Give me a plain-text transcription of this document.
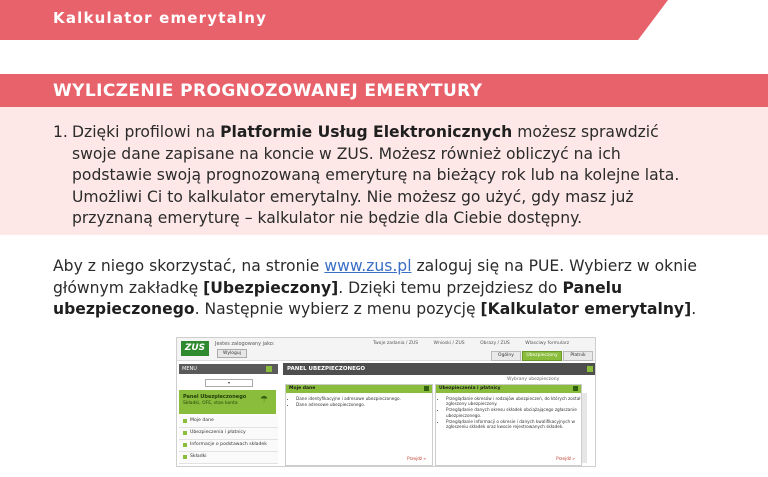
Kalkulator emerytalny
WYLICZENIE PROGNOZOWANEJ EMERYTURY
1. Dzięki profilowi na Platformie Usług Elektronicznych możesz sprawdzić swoje dane zapisane na koncie w ZUS. Możesz również obliczyć na ich podstawie swoją prognozowaną emeryturę na bieżący rok lub na kolejne lata. Umożliwi Ci to kalkulator emerytalny. Nie możesz go użyć, gdy masz już przyznaną emeryturę – kalkulator nie będzie dla Ciebie dostępny.
Aby z niego skorzystać, na stronie www.zus.pl zaloguj się na PUE. Wybierz w oknie głównym zakładkę [Ubezpieczony]. Dzięki temu przejdziesz do Panelu ubezpieczonego. Następnie wybierz z menu pozycję [Kalkulator emerytalny].
ZUS	Jestes zalogowany jako:
Wyloguj
Twoje zadania / ZUS	Wnioski / ZUS	Obrazy / ZUS	Wlasciwy formularz
Ogólny	Ubezpieczony	Płatnik
MENU
▾
Panel Ubezpieczonego
Składki, OFE, stan konta ☂
Moje dane
Ubezpieczenia i płatnicy
Informacje o podstawach składek
Składki
PANEL UBEZPIECZONEGO
Wybrany ubezpieczony
Moje dane
• Dane identyfikacyjne i adresowe ubezpieczonego.
• Dane adresowe ubezpieczonego.
Przejdź »
Ubezpieczenia i płatnicy
• Przeglądanie okresów i rodzajów ubezpieczeń, do których został zgłoszony ubezpieczony.
• Przeglądanie danych okresu składek obciążającego zgłaszanie ubezpieczonego.
• Przeglądanie informacji o okresie i danych kwalifikacyjnych w zgłoszeniu składek oraz kwocie rejestrowanych składek.
Przejdź »
